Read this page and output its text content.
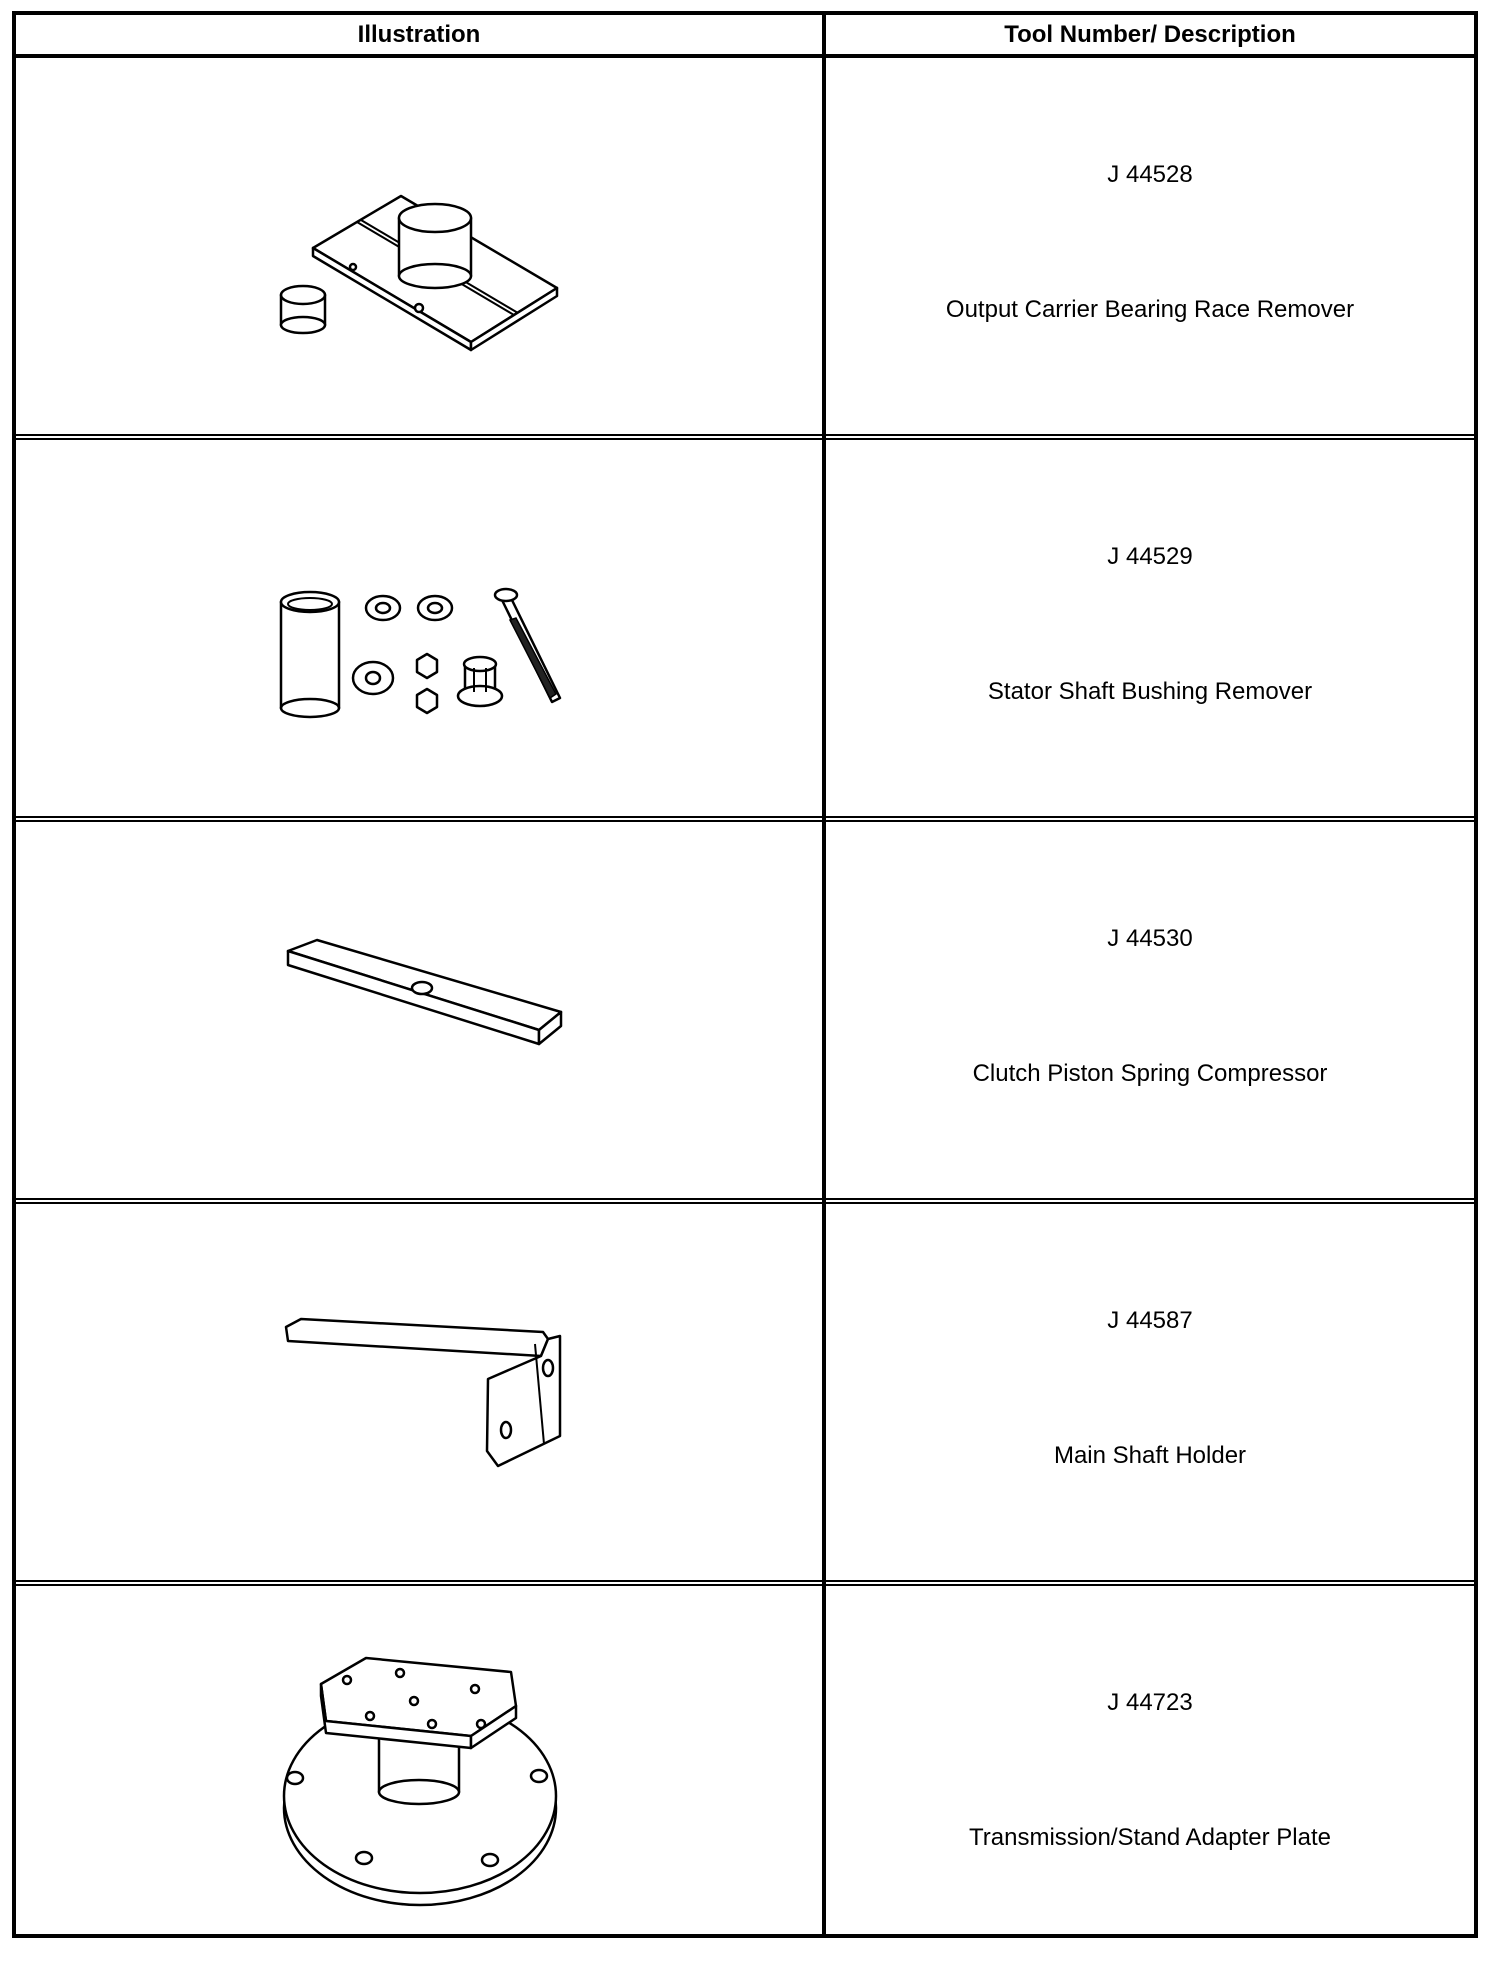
Illustration	Tool Number/ Description
J 44528
Output Carrier Bearing Race Remover
J 44529
Stator Shaft Bushing Remover
J 44530
Clutch Piston Spring Compressor
J 44587
Main Shaft Holder
J 44723
Transmission/Stand Adapter Plate
